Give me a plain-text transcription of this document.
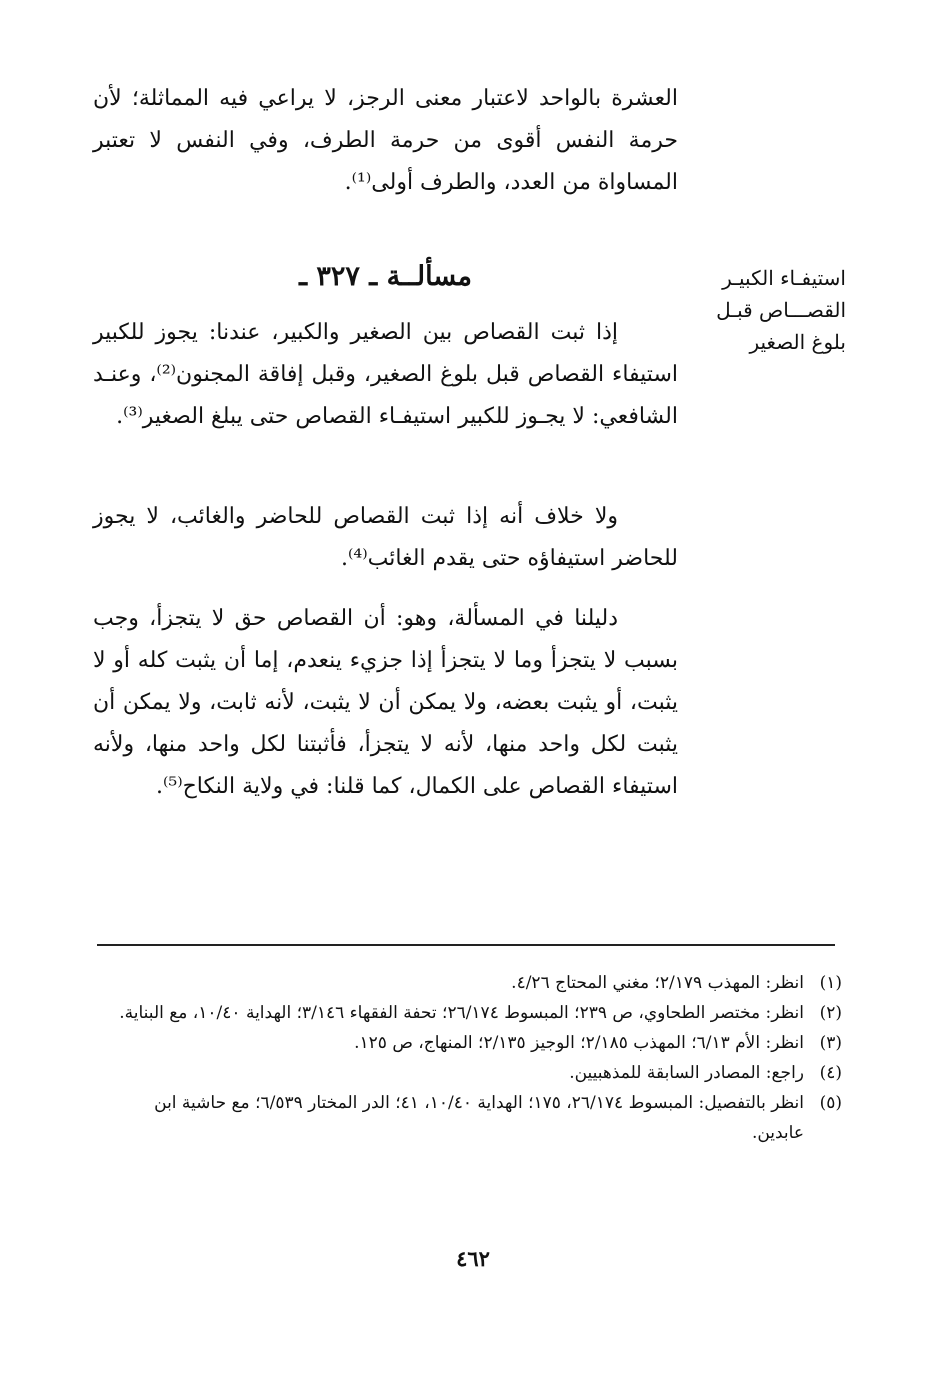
العشرة بالواحد لاعتبار معنى الرجز، لا يراعي فيه المماثلة؛ لأن حرمة النفس أقوى من حرمة الطرف، وفي النفس لا تعتبر المساواة من العدد، والطرف أولى⁽¹⁾.

مسألــة ـ ٣٢٧ ـ	استيفـاء الكبيـر القصـــاص قبـل بلوغ الصغير

إذا ثبت القصاص بين الصغير والكبير، عندنا: يجوز للكبير استيفاء القصاص قبل بلوغ الصغير، وقبل إفاقة المجنون⁽²⁾، وعنـد الشافعي: لا يجـوز للكبير استيفـاء القصاص حتى يبلغ الصغير⁽³⁾.

ولا خلاف أنه إذا ثبت القصاص للحاضر والغائب، لا يجوز للحاضر استيفاؤه حتى يقدم الغائب⁽⁴⁾.

دليلنا في المسألة، وهو: أن القصاص حق لا يتجزأ، وجب بسبب لا يتجزأ وما لا يتجزأ إذا جزيء ينعدم، إما أن يثبت كله أو لا يثبت، أو يثبت بعضه، ولا يمكن أن لا يثبت، لأنه ثابت، ولا يمكن أن يثبت لكل واحد منها، لأنه لا يتجزأ، فأثبتنا لكل واحد منها، ولأنه استيفاء القصاص على الكمال، كما قلنا: في ولاية النكاح⁽⁵⁾.

(١)
انظر: المهذب ٢/١٧٩؛ مغني المحتاج ٤/٢٦.
(٢)
انظر: مختصر الطحاوي، ص ٢٣٩؛ المبسوط ٢٦/١٧٤؛ تحفة الفقهاء ٣/١٤٦؛ الهداية ١٠/٤٠، مع البناية.
(٣)
انظر: الأم ٦/١٣؛ المهذب ٢/١٨٥؛ الوجيز ٢/١٣٥؛ المنهاج، ص ١٢٥.
(٤)
راجع: المصادر السابقة للمذهبيين.
(٥)
انظر بالتفصيل: المبسوط ٢٦/١٧٤، ١٧٥؛ الهداية ١٠/٤٠، ٤١؛ الدر المختار ٦/٥٣٩؛ مع حاشية ابن عابدين.
٤٦٢
